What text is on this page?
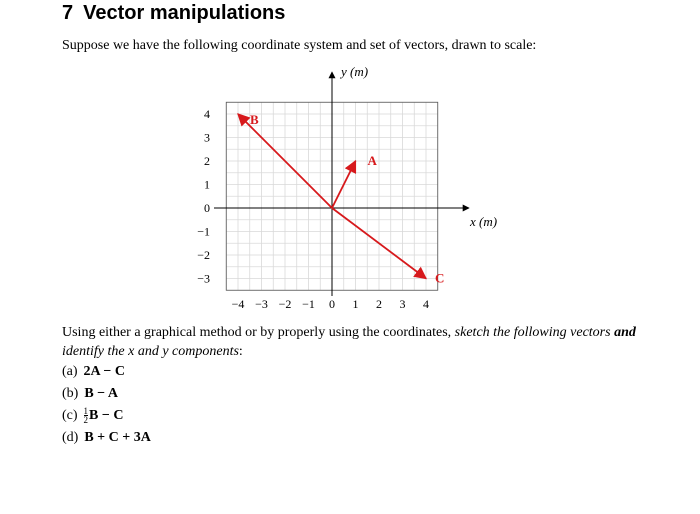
7 Vector manipulations
Suppose we have the following coordinate system and set of vectors, drawn to scale:
x (m)
y (m)
−4 −3 −2 −1 0 1 2 3 4
4
3
2
1
0
−1
−2
−3
A
B
C
Using either a graphical method or by properly using the coordinates, sketch the following vectors and identify the x and y components:
(a) 2A − C
(b) B − A
$(c) \frac{1}{2}$ B − C
(d) B + C + 3A
